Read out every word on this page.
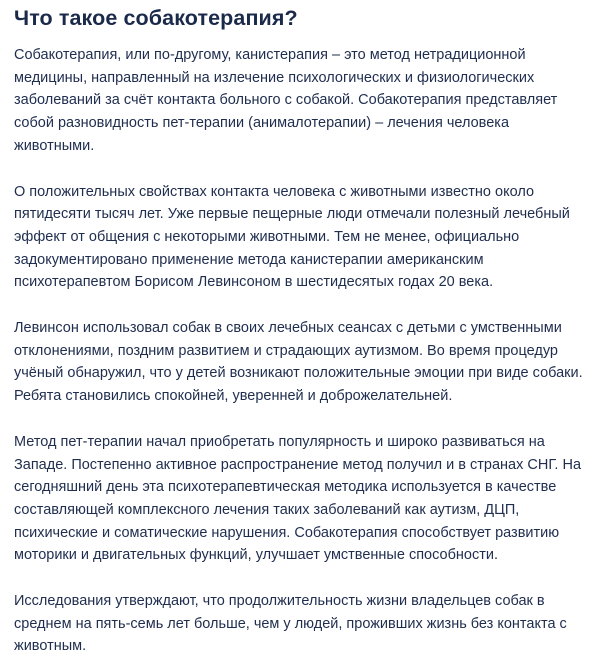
Что такое собакотерапия?

Собакотерапия, или по-другому, канистерапия – это метод нетрадиционной медицины, направленный на излечение психологических и физиологических заболеваний за счёт контакта больного с собакой. Собакотерапия представляет собой разновидность пет-терапии (анималотерапии) – лечения человека животными.

О положительных свойствах контакта человека с животными известно около пятидесяти тысяч лет. Уже первые пещерные люди отмечали полезный лечебный эффект от общения с некоторыми животными. Тем не менее, официально задокументировано применение метода канистерапии американским психотерапевтом Борисом Левинсоном в шестидесятых годах 20 века.

Левинсон использовал собак в своих лечебных сеансах с детьми с умственными отклонениями, поздним развитием и страдающих аутизмом. Во время процедур учёный обнаружил, что у детей возникают положительные эмоции при виде собаки. Ребята становились спокойней, уверенней и доброжелательней.

Метод пет-терапии начал приобретать популярность и широко развиваться на Западе. Постепенно активное распространение метод получил и в странах СНГ. На сегодняшний день эта психотерапевтическая методика используется в качестве составляющей комплексного лечения таких заболеваний как аутизм, ДЦП, психические и соматические нарушения. Собакотерапия способствует развитию моторики и двигательных функций, улучшает умственные способности.

Исследования утверждают, что продолжительность жизни владельцев собак в среднем на пять-семь лет больше, чем у людей, проживших жизнь без контакта с животным.
